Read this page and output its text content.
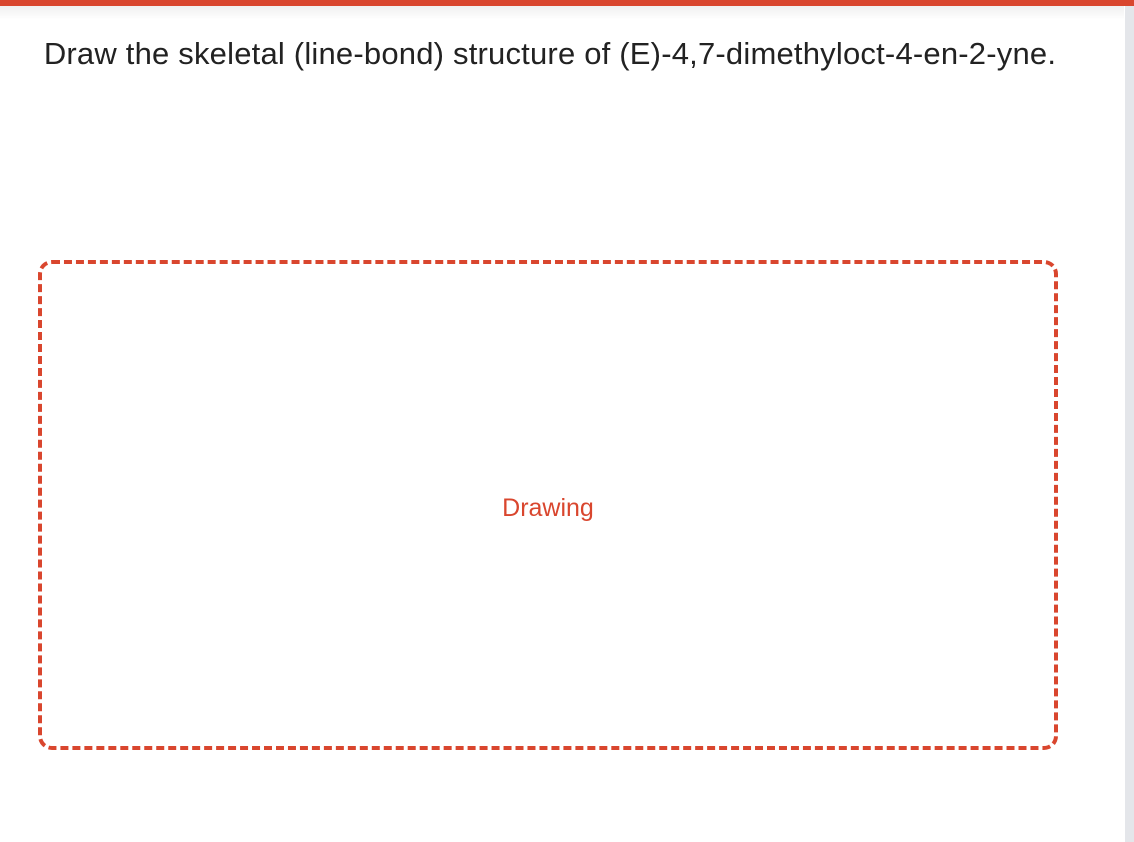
Draw the skeletal (line-bond) structure of (E)-4,7-dimethyloct-4-en-2-yne.
Drawing
